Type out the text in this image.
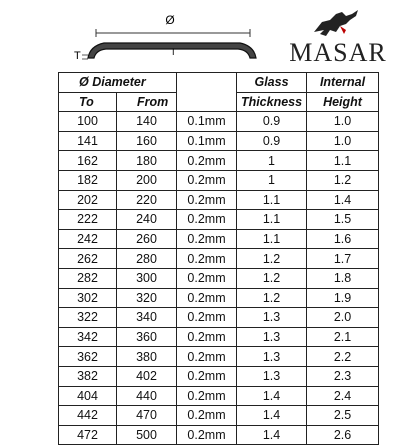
Ø
T	I	MASAR
Ø Diameter			Glass	Internal
To	From		Thickness	Height
100	140	0.1mm	0.9	1.0
141	160	0.1mm	0.9	1.0
162	180	0.2mm	1	1.1
182	200	0.2mm	1	1.2
202	220	0.2mm	1.1	1.4
222	240	0.2mm	1.1	1.5
242	260	0.2mm	1.1	1.6
262	280	0.2mm	1.2	1.7
282	300	0.2mm	1.2	1.8
302	320	0.2mm	1.2	1.9
322	340	0.2mm	1.3	2.0
342	360	0.2mm	1.3	2.1
362	380	0.2mm	1.3	2.2
382	402	0.2mm	1.3	2.3
404	440	0.2mm	1.4	2.4
442	470	0.2mm	1.4	2.5
472	500	0.2mm	1.4	2.6
